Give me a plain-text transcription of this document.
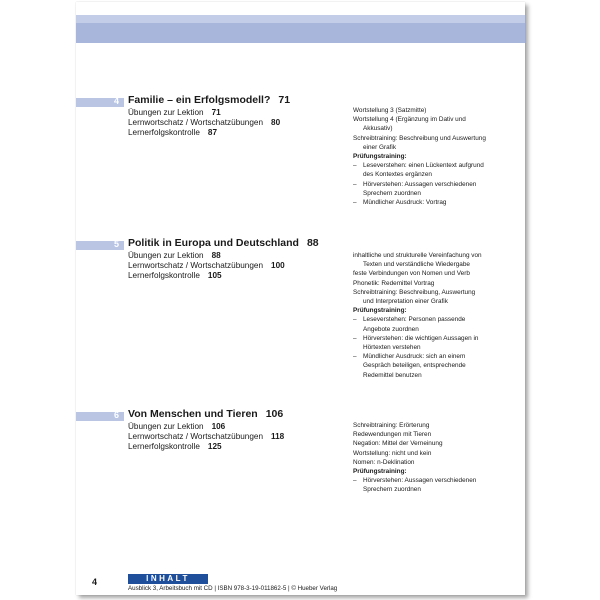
4 Familie – ein Erfolgsmodell? 71
Übungen zur Lektion 71
Lernwortschatz / Wortschatzübungen 80
Lernerfolgskontrolle 87
Wortstellung 3 (Satzmitte)
Wortstellung 4 (Ergänzung im Dativ und
Akkusativ)
Schreibtraining: Beschreibung und Auswertung
einer Grafik
Prüfungstraining:
– Leseverstehen: einen Lückentext aufgrund
des Kontextes ergänzen
– Hörverstehen: Aussagen verschiedenen
Sprechern zuordnen
– Mündlicher Ausdruck: Vortrag
5 Politik in Europa und Deutschland 88
Übungen zur Lektion 88
Lernwortschatz / Wortschatzübungen 100
Lernerfolgskontrolle 105
inhaltliche und strukturelle Vereinfachung von
Texten und verständliche Wiedergabe
feste Verbindungen von Nomen und Verb
Phonetik: Redemittel Vortrag
Schreibtraining: Beschreibung, Auswertung
und Interpretation einer Grafik
Prüfungstraining:
– Leseverstehen: Personen passende
Angebote zuordnen
– Hörverstehen: die wichtigen Aussagen in
Hörtexten verstehen
– Mündlicher Ausdruck: sich an einem
Gespräch beteiligen, entsprechende
Redemittel benutzen
6 Von Menschen und Tieren 106
Übungen zur Lektion 106
Lernwortschatz / Wortschatzübungen 118
Lernerfolgskontrolle 125
Schreibtraining: Erörterung
Redewendungen mit Tieren
Negation: Mittel der Verneinung
Wortstellung: nicht und kein
Nomen: n-Deklination
Prüfungstraining:
– Hörverstehen: Aussagen verschiedenen
Sprechern zuordnen
4	INHALT
Ausblick 3, Arbeitsbuch mit CD | ISBN 978-3-19-011862-5 | © Hueber Verlag
